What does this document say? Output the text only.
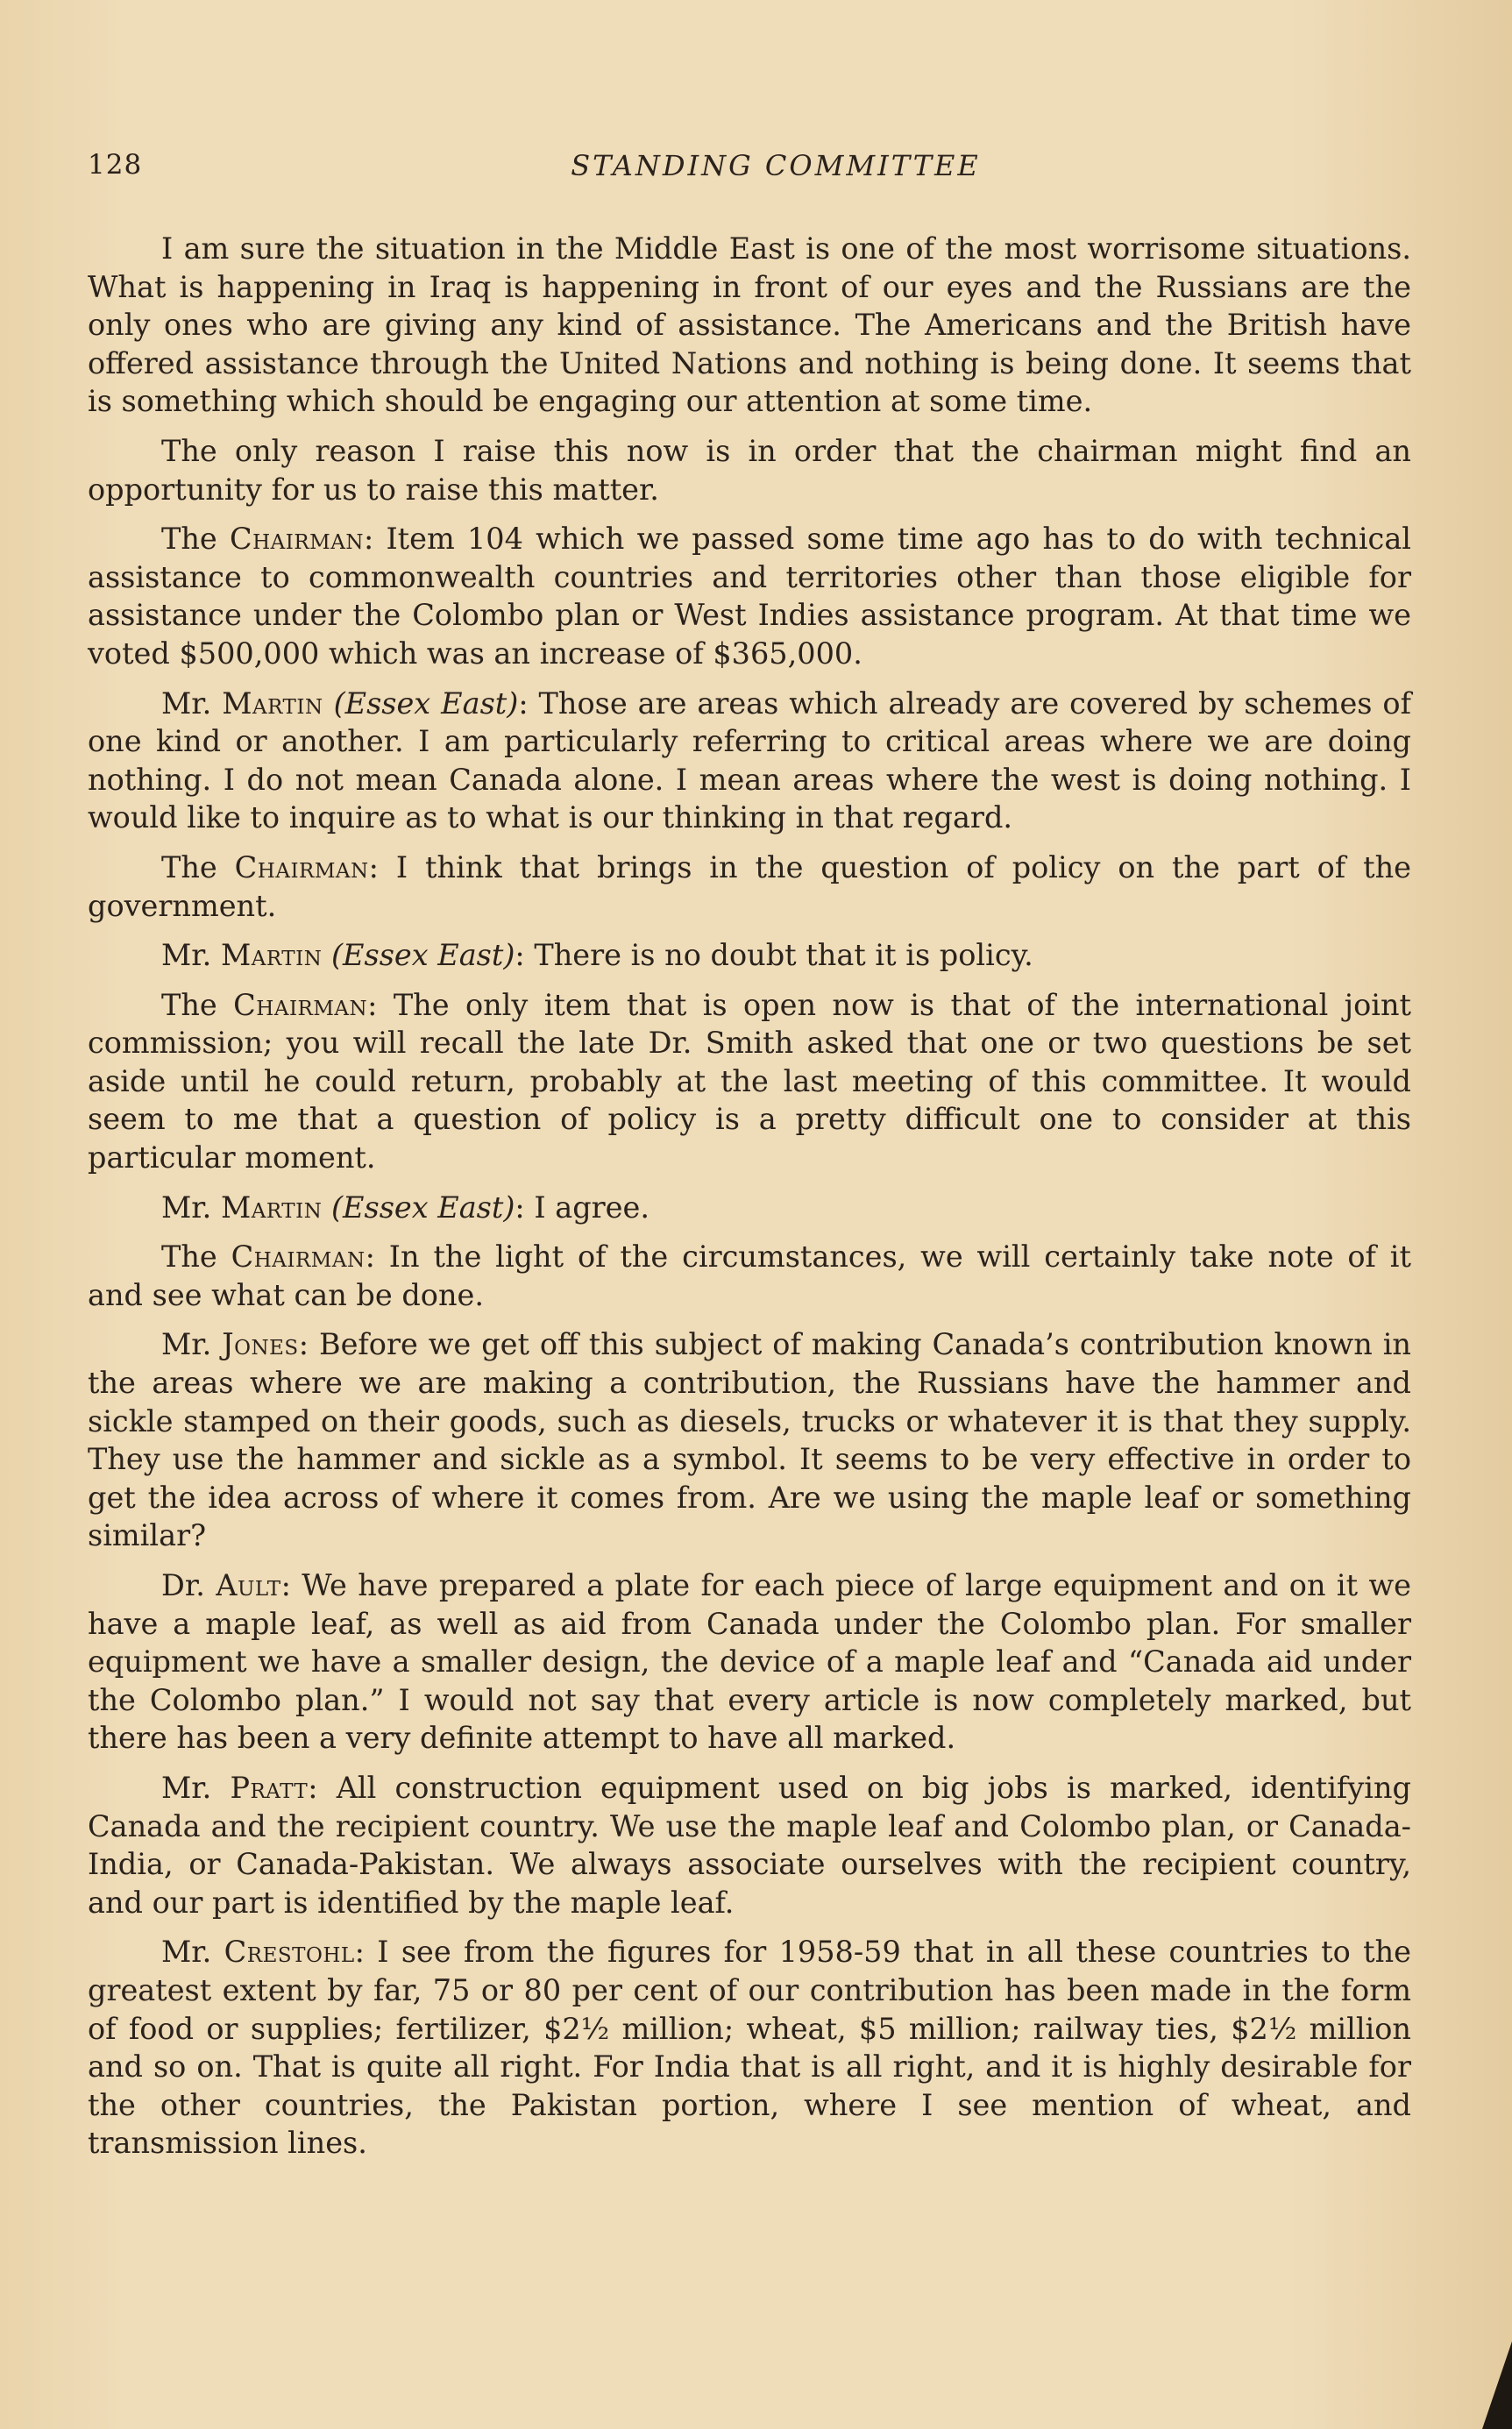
128	STANDING COMMITTEE

I am sure the situation in the Middle East is one of the most worrisome situations. What is happening in Iraq is happening in front of our eyes and the Russians are the only ones who are giving any kind of assistance. The Americans and the British have offered assistance through the United Nations and nothing is being done. It seems that is something which should be engaging our attention at some time.

The only reason I raise this now is in order that the chairman might find an opportunity for us to raise this matter.

The Chairman: Item 104 which we passed some time ago has to do with technical assistance to commonwealth countries and territories other than those eligible for assistance under the Colombo plan or West Indies assistance program. At that time we voted $500,000 which was an increase of $365,000.

Mr. Martin (Essex East): Those are areas which already are covered by schemes of one kind or another. I am particularly referring to critical areas where we are doing nothing. I do not mean Canada alone. I mean areas where the west is doing nothing. I would like to inquire as to what is our thinking in that regard.

The Chairman: I think that brings in the question of policy on the part of the government.

Mr. Martin (Essex East): There is no doubt that it is policy.

The Chairman: The only item that is open now is that of the international joint commission; you will recall the late Dr. Smith asked that one or two questions be set aside until he could return, probably at the last meeting of this committee. It would seem to me that a question of policy is a pretty difficult one to consider at this particular moment.

Mr. Martin (Essex East): I agree.

The Chairman: In the light of the circumstances, we will certainly take note of it and see what can be done.

Mr. Jones: Before we get off this subject of making Canada’s contribution known in the areas where we are making a contribution, the Russians have the hammer and sickle stamped on their goods, such as diesels, trucks or whatever it is that they supply. They use the hammer and sickle as a symbol. It seems to be very effective in order to get the idea across of where it comes from. Are we using the maple leaf or something similar?

Dr. Ault: We have prepared a plate for each piece of large equipment and on it we have a maple leaf, as well as aid from Canada under the Colombo plan. For smaller equipment we have a smaller design, the device of a maple leaf and “Canada aid under the Colombo plan.” I would not say that every article is now completely marked, but there has been a very definite attempt to have all marked.

Mr. Pratt: All construction equipment used on big jobs is marked, identifying Canada and the recipient country. We use the maple leaf and Colombo plan, or Canada-India, or Canada-Pakistan. We always associate ourselves with the recipient country, and our part is identified by the maple leaf.

Mr. Crestohl: I see from the figures for 1958-59 that in all these countries to the greatest extent by far, 75 or 80 per cent of our contribution has been made in the form of food or supplies; fertilizer, $2½ million; wheat, $5 million; railway ties, $2½ million and so on. That is quite all right. For India that is all right, and it is highly desirable for the other countries, the Pakistan portion, where I see mention of wheat, and transmission lines.
